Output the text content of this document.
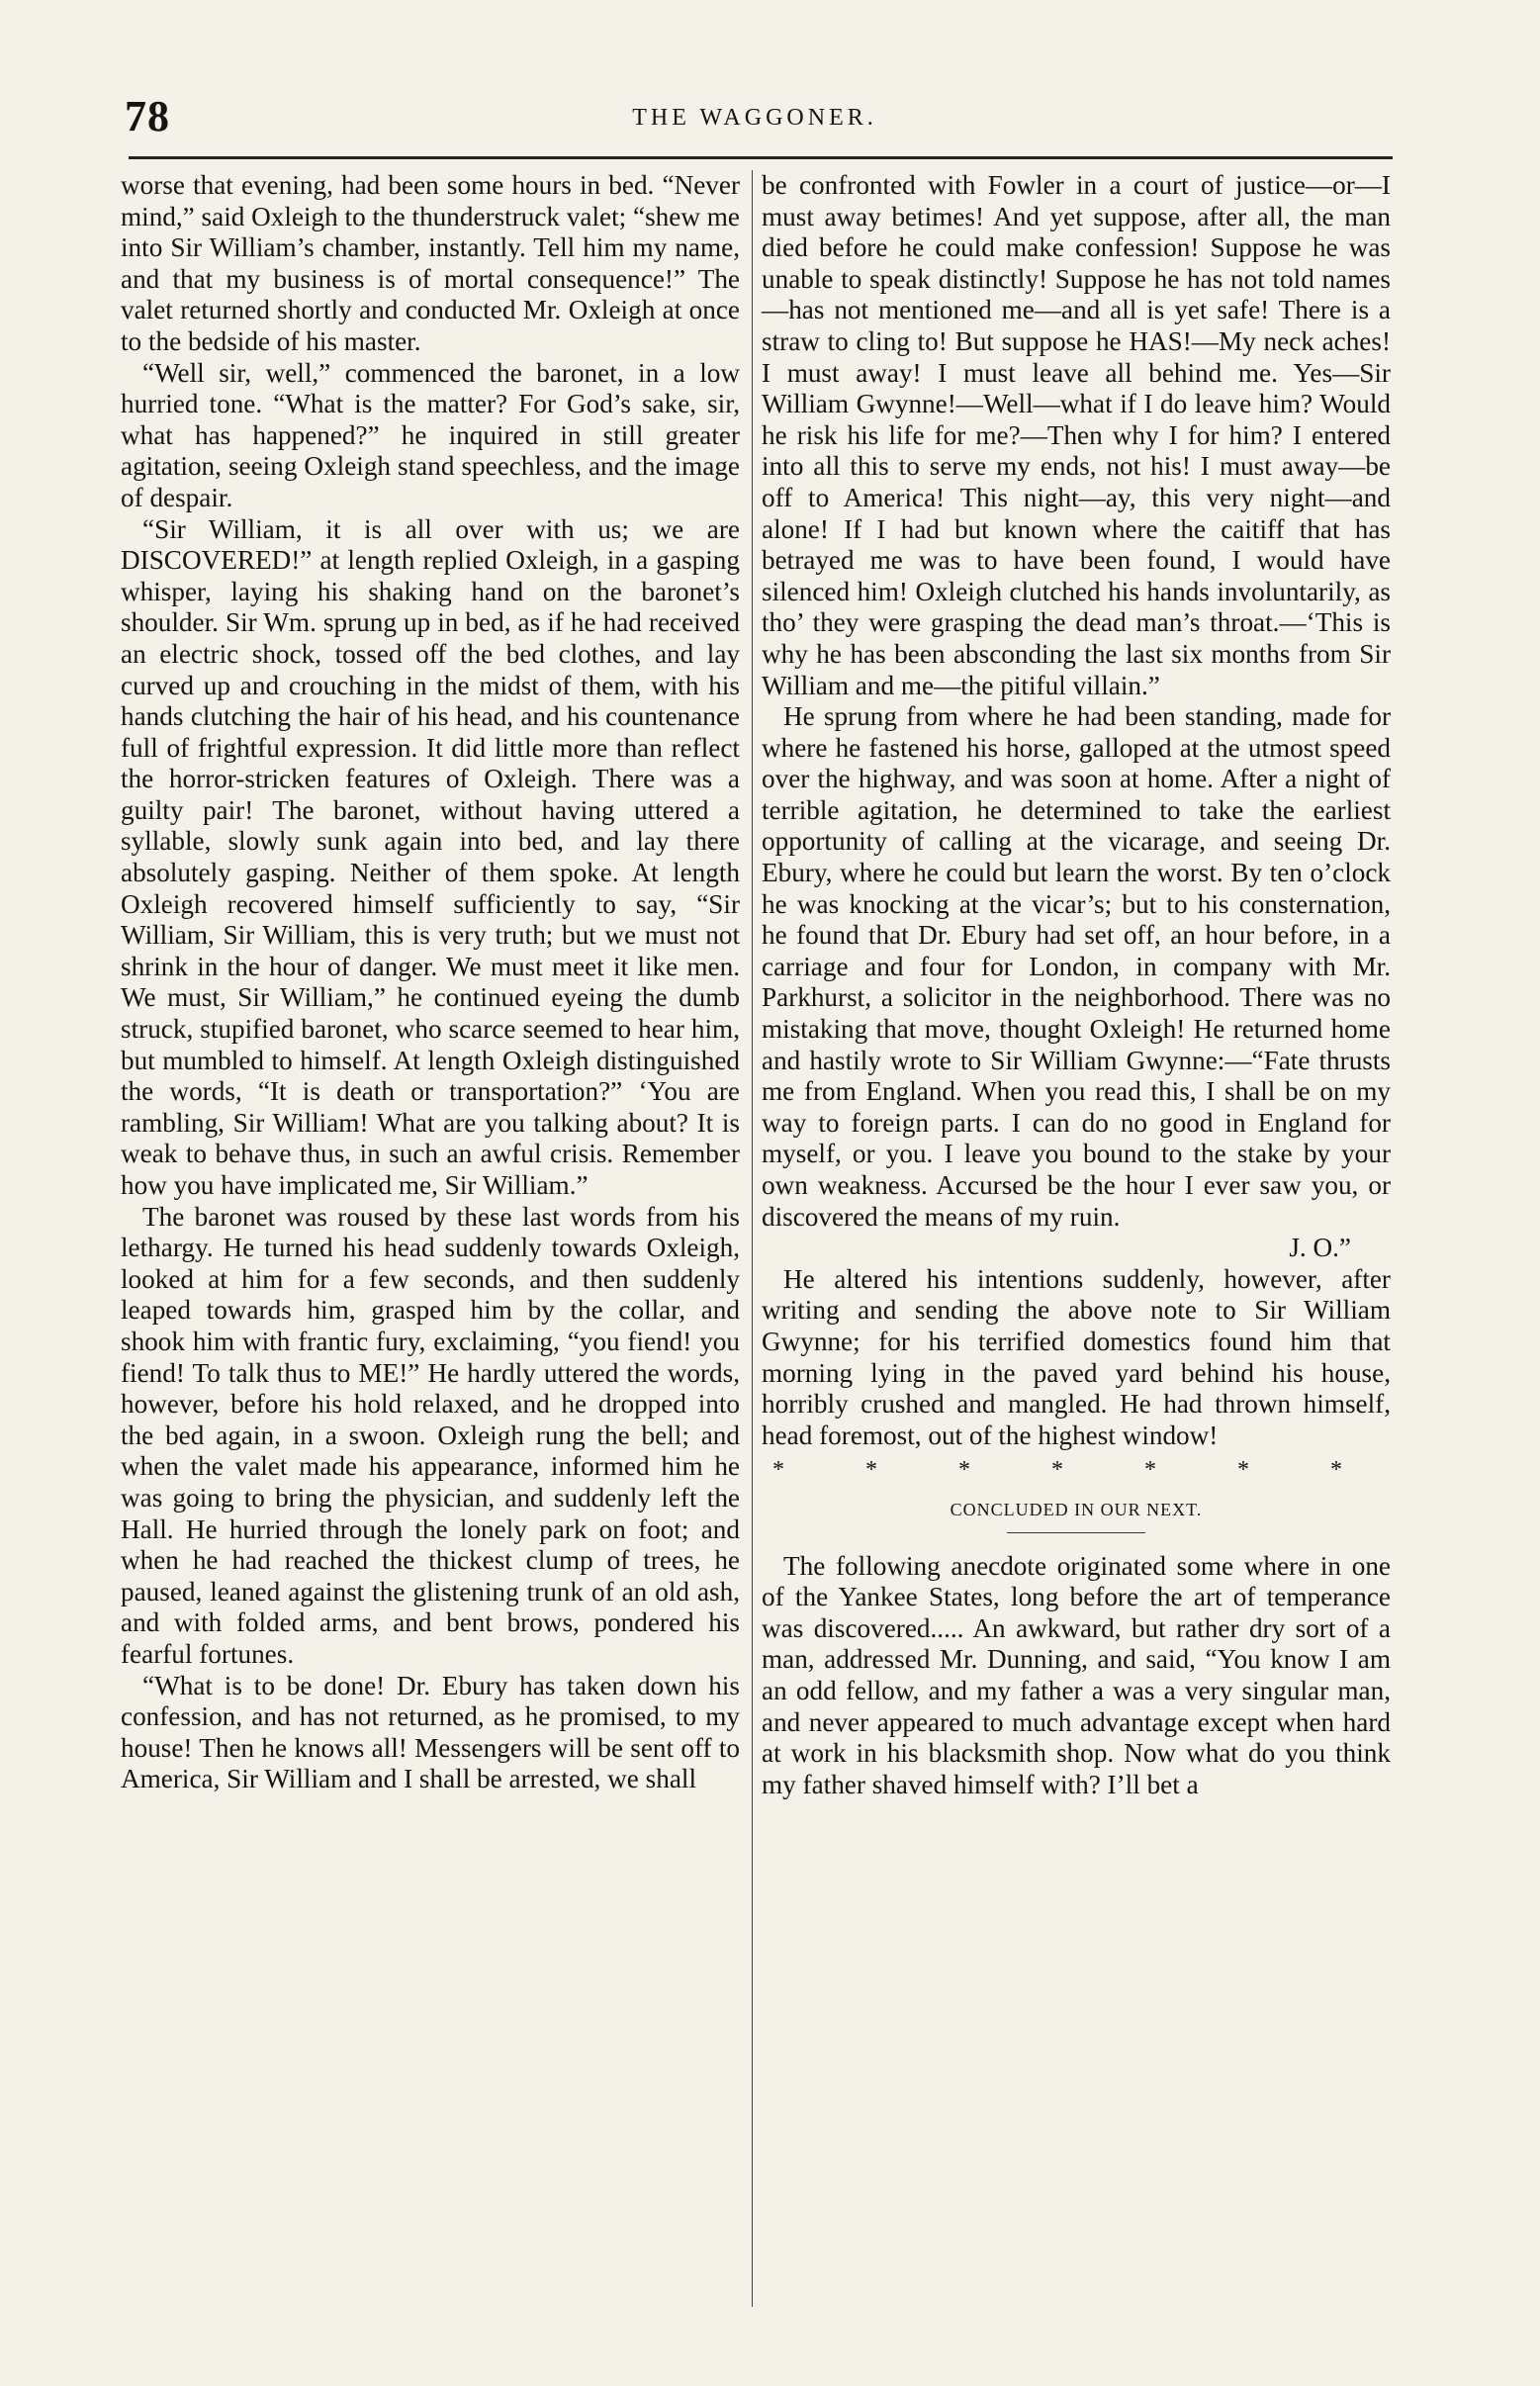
78	THE WAGGONER.

worse that evening, had been some hours in bed. “Never mind,” said Oxleigh to the thunderstruck valet; “shew me into Sir William’s chamber, instantly. Tell him my name, and that my business is of mortal consequence!” The valet returned shortly and conducted Mr. Oxleigh at once to the bedside of his master.

“Well sir, well,” commenced the baronet, in a low hurried tone. “What is the matter? For God’s sake, sir, what has happened?” he inquired in still greater agitation, seeing Oxleigh stand speechless, and the image of despair.

“Sir William, it is all over with us; we are DISCOVERED!” at length replied Oxleigh, in a gasping whisper, laying his shaking hand on the baronet’s shoulder. Sir Wm. sprung up in bed, as if he had received an electric shock, tossed off the bed clothes, and lay curved up and crouching in the midst of them, with his hands clutching the hair of his head, and his countenance full of frightful expression. It did little more than reflect the horror-stricken features of Oxleigh. There was a guilty pair! The baronet, without having uttered a syllable, slowly sunk again into bed, and lay there absolutely gasping. Neither of them spoke. At length Oxleigh recovered himself sufficiently to say, “Sir William, Sir William, this is very truth; but we must not shrink in the hour of danger. We must meet it like men. We must, Sir William,” he continued eyeing the dumb struck, stupified baronet, who scarce seemed to hear him, but mumbled to himself. At length Oxleigh distinguished the words, “It is death or transportation?” ‘You are rambling, Sir William! What are you talking about? It is weak to behave thus, in such an awful crisis. Remember how you have implicated me, Sir William.”

The baronet was roused by these last words from his lethargy. He turned his head suddenly towards Oxleigh, looked at him for a few seconds, and then suddenly leaped towards him, grasped him by the collar, and shook him with frantic fury, exclaiming, “you fiend! you fiend! To talk thus to ME!” He hardly uttered the words, however, before his hold relaxed, and he dropped into the bed again, in a swoon. Oxleigh rung the bell; and when the valet made his appearance, informed him he was going to bring the physician, and suddenly left the Hall. He hurried through the lonely park on foot; and when he had reached the thickest clump of trees, he paused, leaned against the glistening trunk of an old ash, and with folded arms, and bent brows, pondered his fearful fortunes.

“What is to be done! Dr. Ebury has taken down his confession, and has not returned, as he promised, to my house! Then he knows all! Messengers will be sent off to America, Sir William and I shall be arrested, we shall

be confronted with Fowler in a court of justice—or—I must away betimes! And yet suppose, after all, the man died before he could make confession! Suppose he was unable to speak distinctly! Suppose he has not told names—has not mentioned me—and all is yet safe! There is a straw to cling to! But suppose he HAS!—My neck aches! I must away! I must leave all behind me. Yes—Sir William Gwynne!—Well—what if I do leave him? Would he risk his life for me?—Then why I for him? I entered into all this to serve my ends, not his! I must away—be off to America! This night—ay, this very night—and alone! If I had but known where the caitiff that has betrayed me was to have been found, I would have silenced him! Oxleigh clutched his hands involuntarily, as tho’ they were grasping the dead man’s throat.—‘This is why he has been absconding the last six months from Sir William and me—the pitiful villain.”

He sprung from where he had been standing, made for where he fastened his horse, galloped at the utmost speed over the highway, and was soon at home. After a night of terrible agitation, he determined to take the earliest opportunity of calling at the vicarage, and seeing Dr. Ebury, where he could but learn the worst. By ten o’clock he was knocking at the vicar’s; but to his consternation, he found that Dr. Ebury had set off, an hour before, in a carriage and four for London, in company with Mr. Parkhurst, a solicitor in the neighborhood. There was no mistaking that move, thought Oxleigh! He returned home and hastily wrote to Sir William Gwynne:—“Fate thrusts me from England. When you read this, I shall be on my way to foreign parts. I can do no good in England for myself, or you. I leave you bound to the stake by your own weakness. Accursed be the hour I ever saw you, or discovered the means of my ruin.

J. O.”

He altered his intentions suddenly, however, after writing and sending the above note to Sir William Gwynne; for his terrified domestics found him that morning lying in the paved yard behind his house, horribly crushed and mangled. He had thrown himself, head foremost, out of the highest window!

* * * * * * *
CONCLUDED IN OUR NEXT.

The following anecdote originated some where in one of the Yankee States, long before the art of temperance was discovered..... An awkward, but rather dry sort of a man, addressed Mr. Dunning, and said, “You know I am an odd fellow, and my father a was a very singular man, and never appeared to much advantage except when hard at work in his blacksmith shop. Now what do you think my father shaved himself with? I’ll bet a
